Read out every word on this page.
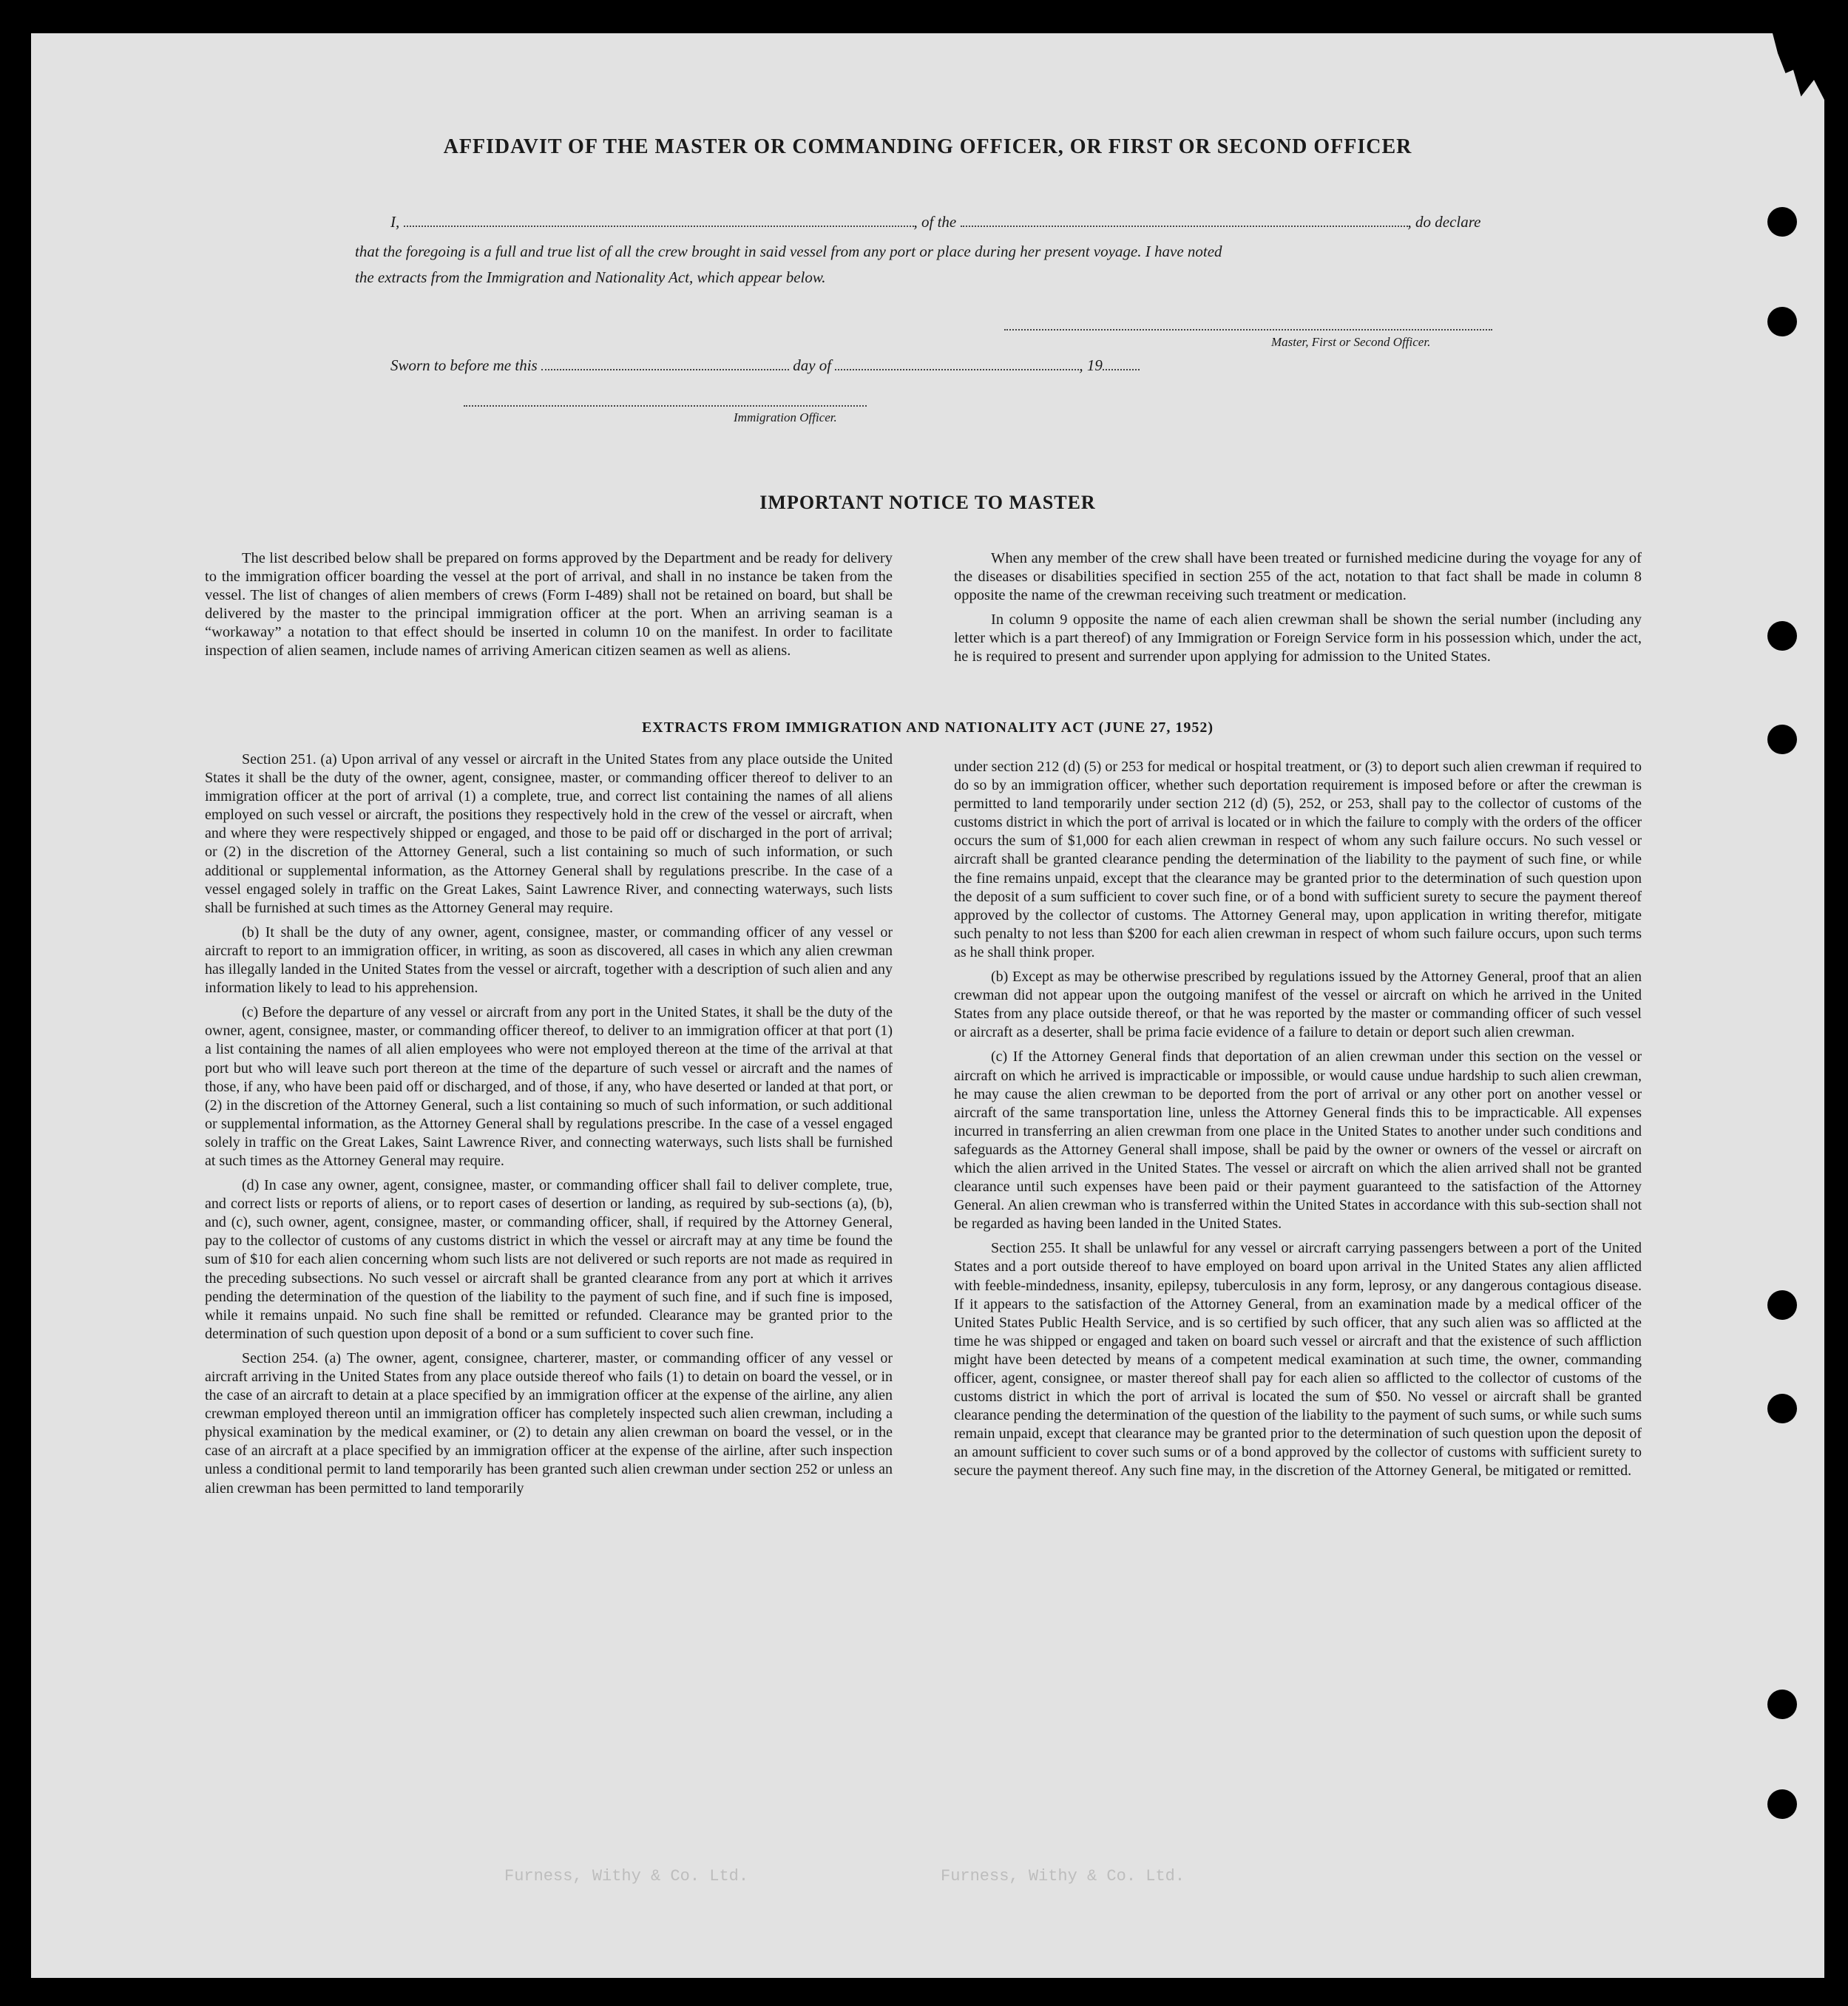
AFFIDAVIT OF THE MASTER OR COMMANDING OFFICER, OR FIRST OR SECOND OFFICER
I,	, of the	, do declare
that the foregoing is a full and true list of all the crew brought in said vessel from any port or place during her present voyage. I have noted
the extracts from the Immigration and Nationality Act, which appear below.
Master, First or Second Officer.
Sworn to before me this	day of	, 19
Immigration Officer.
IMPORTANT NOTICE TO MASTER

The list described below shall be prepared on forms approved by the Department and be ready for delivery to the immigration officer boarding the vessel at the port of arrival, and shall in no instance be taken from the vessel. The list of changes of alien members of crews (Form I-489) shall not be retained on board, but shall be delivered by the master to the principal immigration officer at the port. When an arriving seaman is a “workaway” a notation to that effect should be inserted in column 10 on the manifest. In order to facilitate inspection of alien seamen, include names of arriving American citizen seamen as well as aliens.

When any member of the crew shall have been treated or furnished medicine during the voyage for any of the diseases or disabilities specified in section 255 of the act, notation to that fact shall be made in column 8 opposite the name of the crewman receiving such treatment or medication.

In column 9 opposite the name of each alien crewman shall be shown the serial number (including any letter which is a part thereof) of any Immigration or Foreign Service form in his possession which, under the act, he is required to present and surrender upon applying for admission to the United States.

EXTRACTS FROM IMMIGRATION AND NATIONALITY ACT (JUNE 27, 1952)

Section 251. (a) Upon arrival of any vessel or aircraft in the United States from any place outside the United States it shall be the duty of the owner, agent, consignee, master, or commanding officer thereof to deliver to an immigration officer at the port of arrival (1) a complete, true, and correct list containing the names of all aliens employed on such vessel or aircraft, the positions they respectively hold in the crew of the vessel or aircraft, when and where they were respectively shipped or engaged, and those to be paid off or discharged in the port of arrival; or (2) in the discretion of the Attorney General, such a list containing so much of such information, or such additional or supplemental information, as the Attorney General shall by regulations prescribe. In the case of a vessel engaged solely in traffic on the Great Lakes, Saint Lawrence River, and connecting waterways, such lists shall be furnished at such times as the Attorney General may require.

(b) It shall be the duty of any owner, agent, consignee, master, or commanding officer of any vessel or aircraft to report to an immigration officer, in writing, as soon as discovered, all cases in which any alien crewman has illegally landed in the United States from the vessel or aircraft, together with a description of such alien and any information likely to lead to his apprehension.

(c) Before the departure of any vessel or aircraft from any port in the United States, it shall be the duty of the owner, agent, consignee, master, or commanding officer thereof, to deliver to an immigration officer at that port (1) a list containing the names of all alien employees who were not employed thereon at the time of the arrival at that port but who will leave such port thereon at the time of the departure of such vessel or aircraft and the names of those, if any, who have been paid off or discharged, and of those, if any, who have deserted or landed at that port, or (2) in the discretion of the Attorney General, such a list containing so much of such information, or such additional or supplemental information, as the Attorney General shall by regulations prescribe. In the case of a vessel engaged solely in traffic on the Great Lakes, Saint Lawrence River, and connecting waterways, such lists shall be furnished at such times as the Attorney General may require.

(d) In case any owner, agent, consignee, master, or commanding officer shall fail to deliver complete, true, and correct lists or reports of aliens, or to report cases of desertion or landing, as required by sub-sections (a), (b), and (c), such owner, agent, consignee, master, or commanding officer, shall, if required by the Attorney General, pay to the collector of customs of any customs district in which the vessel or aircraft may at any time be found the sum of $10 for each alien concerning whom such lists are not delivered or such reports are not made as required in the preceding subsections. No such vessel or aircraft shall be granted clearance from any port at which it arrives pending the determination of the question of the liability to the payment of such fine, and if such fine is imposed, while it remains unpaid. No such fine shall be remitted or refunded. Clearance may be granted prior to the determination of such question upon deposit of a bond or a sum sufficient to cover such fine.

Section 254. (a) The owner, agent, consignee, charterer, master, or commanding officer of any vessel or aircraft arriving in the United States from any place outside thereof who fails (1) to detain on board the vessel, or in the case of an aircraft to detain at a place specified by an immigration officer at the expense of the airline, any alien crewman employed thereon until an immigration officer has completely inspected such alien crewman, including a physical examination by the medical examiner, or (2) to detain any alien crewman on board the vessel, or in the case of an aircraft at a place specified by an immigration officer at the expense of the airline, after such inspection unless a conditional permit to land temporarily has been granted such alien crewman under section 252 or unless an alien crewman has been permitted to land temporarily

under section 212 (d) (5) or 253 for medical or hospital treatment, or (3) to deport such alien crewman if required to do so by an immigration officer, whether such deportation requirement is imposed before or after the crewman is permitted to land temporarily under section 212 (d) (5), 252, or 253, shall pay to the collector of customs of the customs district in which the port of arrival is located or in which the failure to comply with the orders of the officer occurs the sum of $1,000 for each alien crewman in respect of whom any such failure occurs. No such vessel or aircraft shall be granted clearance pending the determination of the liability to the payment of such fine, or while the fine remains unpaid, except that the clearance may be granted prior to the determination of such question upon the deposit of a sum sufficient to cover such fine, or of a bond with sufficient surety to secure the payment thereof approved by the collector of customs. The Attorney General may, upon application in writing therefor, mitigate such penalty to not less than $200 for each alien crewman in respect of whom such failure occurs, upon such terms as he shall think proper.

(b) Except as may be otherwise prescribed by regulations issued by the Attorney General, proof that an alien crewman did not appear upon the outgoing manifest of the vessel or aircraft on which he arrived in the United States from any place outside thereof, or that he was reported by the master or commanding officer of such vessel or aircraft as a deserter, shall be prima facie evidence of a failure to detain or deport such alien crewman.

(c) If the Attorney General finds that deportation of an alien crewman under this section on the vessel or aircraft on which he arrived is impracticable or impossible, or would cause undue hardship to such alien crewman, he may cause the alien crewman to be deported from the port of arrival or any other port on another vessel or aircraft of the same transportation line, unless the Attorney General finds this to be impracticable. All expenses incurred in transferring an alien crewman from one place in the United States to another under such conditions and safeguards as the Attorney General shall impose, shall be paid by the owner or owners of the vessel or aircraft on which the alien arrived in the United States. The vessel or aircraft on which the alien arrived shall not be granted clearance until such expenses have been paid or their payment guaranteed to the satisfaction of the Attorney General. An alien crewman who is transferred within the United States in accordance with this sub-section shall not be regarded as having been landed in the United States.

Section 255. It shall be unlawful for any vessel or aircraft carrying passengers between a port of the United States and a port outside thereof to have employed on board upon arrival in the United States any alien afflicted with feeble-mindedness, insanity, epilepsy, tuberculosis in any form, leprosy, or any dangerous contagious disease. If it appears to the satisfaction of the Attorney General, from an examination made by a medical officer of the United States Public Health Service, and is so certified by such officer, that any such alien was so afflicted at the time he was shipped or engaged and taken on board such vessel or aircraft and that the existence of such affliction might have been detected by means of a competent medical examination at such time, the owner, commanding officer, agent, consignee, or master thereof shall pay for each alien so afflicted to the collector of customs of the customs district in which the port of arrival is located the sum of $50. No vessel or aircraft shall be granted clearance pending the determination of the question of the liability to the payment of such sums, or while such sums remain unpaid, except that clearance may be granted prior to the determination of such question upon the deposit of an amount sufficient to cover such sums or of a bond approved by the collector of customs with sufficient surety to secure the payment thereof. Any such fine may, in the discretion of the Attorney General, be mitigated or remitted.

Furness, Withy & Co. Ltd.	Furness, Withy & Co. Ltd.
